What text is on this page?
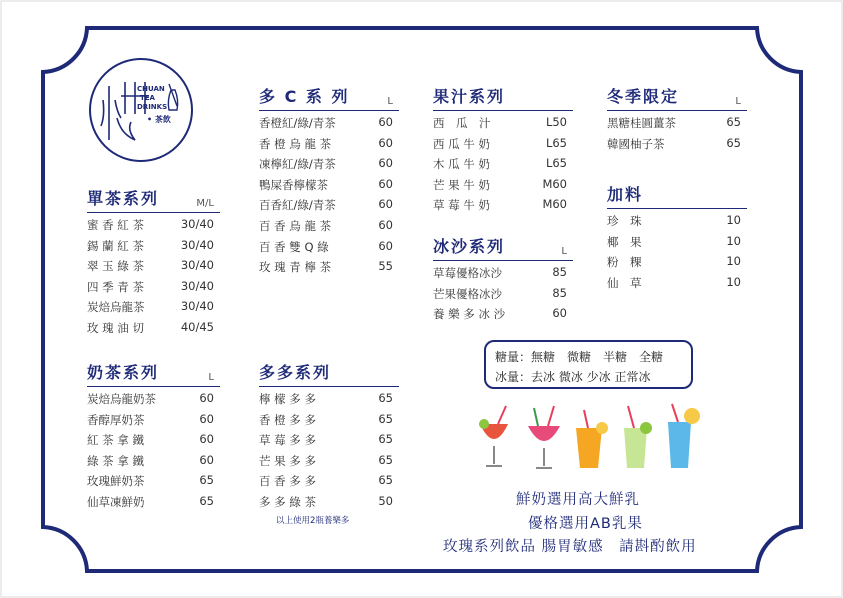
CHUAN
TEA
DRINKS
• 茶飲
單茶系列	M/L
蜜 香 紅 茶	30/40
錫 蘭 紅 茶	30/40
翠 玉 綠 茶	30/40
四 季 青 茶	30/40
炭焙烏龍茶	30/40
玫 瑰 油 切	40/45
奶茶系列	L
炭焙烏龍奶茶	60
香醇厚奶茶	60
紅 茶 拿 鐵	60
綠 茶 拿 鐵	60
玫瑰鮮奶茶	65
仙草凍鮮奶	65
多 C 系 列	L
香橙紅/綠/青茶	60
香 橙 烏 龍 茶	60
凍檸紅/綠/青茶	60
鴨屎香檸檬茶	60
百香紅/綠/青茶	60
百 香 烏 龍 茶	60
百 香 雙 Q 綠	60
玫 瑰 青 檸 茶	55
多多系列
檸 檬 多 多	65
香 橙 多 多	65
草 莓 多 多	65
芒 果 多 多	65
百 香 多 多	65
多 多 綠 茶	50
以上使用2瓶養樂多
果汁系列
西　瓜　汁	L50
西 瓜 牛 奶	L65
木 瓜 牛 奶	L65
芒 果 牛 奶	M60
草 莓 牛 奶	M60
冰沙系列	L
草莓優格冰沙	85
芒果優格冰沙	85
養 樂 多 冰 沙	60
冬季限定	L
黑糖桂圓薑茶	65
韓國柚子茶	65
加料
珍　珠	10
椰　果	10
粉　粿	10
仙　草	10
糖量：無糖　微糖　半糖　全糖
冰量：去冰 微冰 少冰 正常冰
鮮奶選用高大鮮乳
優格選用AB乳果
玫瑰系列飲品 腸胃敏感　請斟酌飲用
